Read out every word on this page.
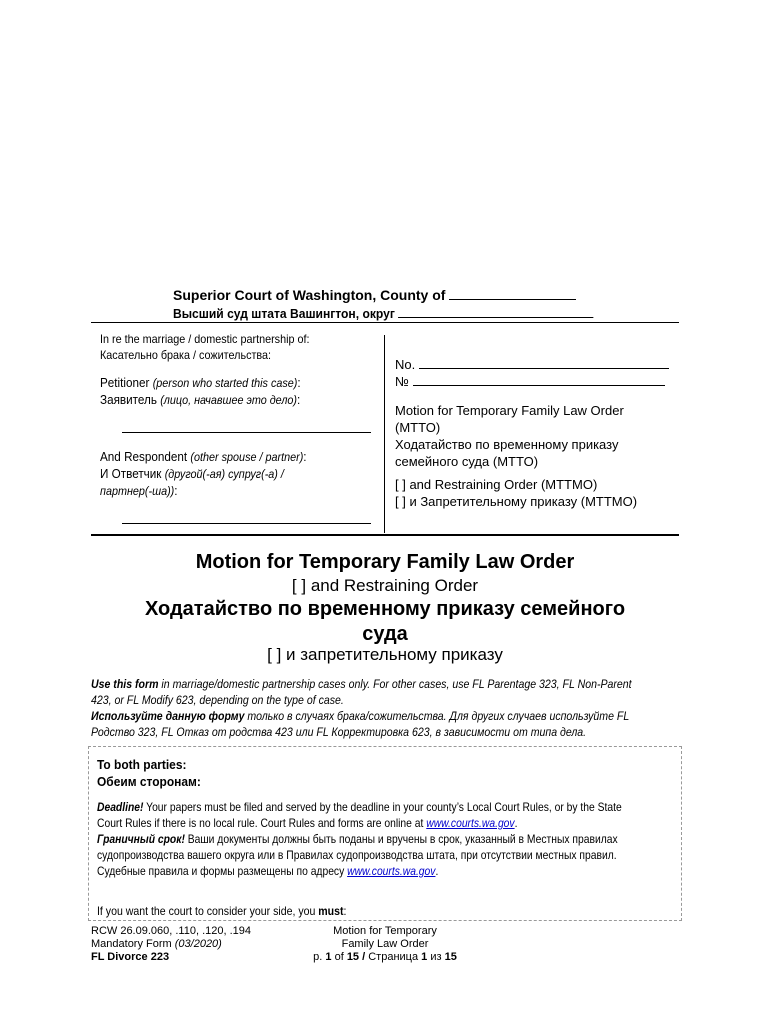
Superior Court of Washington, County of
Высший суд штата Вашингтон, округ
In re the marriage / domestic partnership of:
Касательно брака / сожительства:
Petitioner (person who started this case):
Заявитель (лицо, начавшее это дело):
And Respondent (other spouse / partner):
И Ответчик (другой(-ая) супруг(-а) /
партнер(-ша)):
No.
№
Motion for Temporary Family Law Order
(MTTO)
Ходатайство по временному приказу
семейного суда (MTTO)
[ ] and Restraining Order (MTTMO)
[ ] и Запретительному приказу (MTTMO)
Motion for Temporary Family Law Order
[ ] and Restraining Order
Ходатайство по временному приказу семейного
суда
[ ] и запретительному приказу
Use this form in marriage/domestic partnership cases only. For other cases, use FL Parentage 323, FL Non-Parent
423, or FL Modify 623, depending on the type of case.
Используйте данную форму только в случаях брака/сожительства. Для других случаев используйте FL
Родство 323, FL Отказ от родства 423 или FL Корректировка 623, в зависимости от типа дела.
To both parties:
Обеим сторонам:
Deadline! Your papers must be filed and served by the deadline in your county’s Local Court Rules, or by the State
Court Rules if there is no local rule. Court Rules and forms are online at www.courts.wa.gov.
Граничный срок! Ваши документы должны быть поданы и вручены в срок, указанный в Местных правилах
судопроизводства вашего округа или в Правилах судопроизводства штата, при отсутствии местных правил.
Судебные правила и формы размещены по адресу www.courts.wa.gov.
If you want the court to consider your side, you must:
RCW 26.09.060, .110, .120, .194
Mandatory Form (03/2020)
FL Divorce 223
Motion for Temporary
Family Law Order
p. 1 of 15 / Страница 1 из 15
